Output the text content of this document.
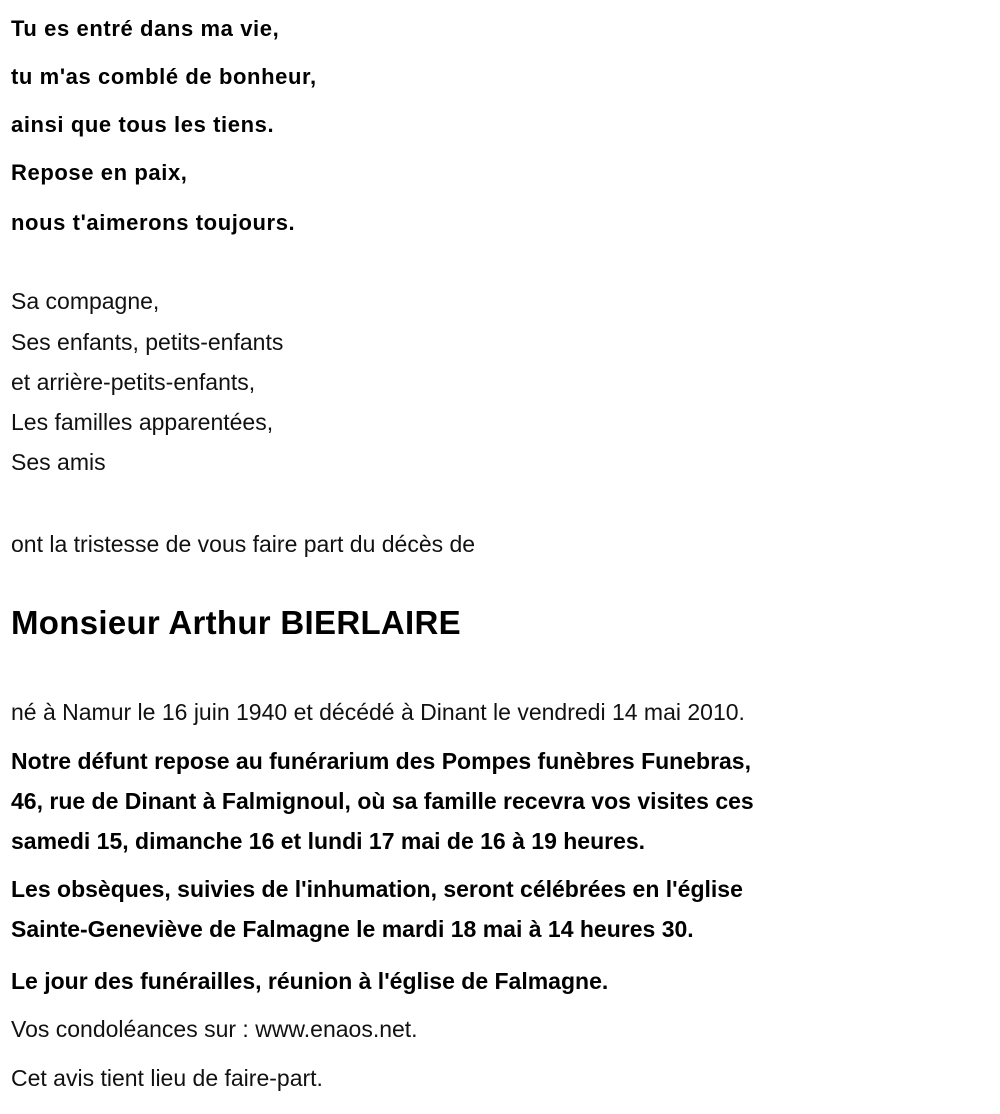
Tu es entré dans ma vie,
tu m'as comblé de bonheur,
ainsi que tous les tiens.
Repose en paix,
nous t'aimerons toujours.
Sa compagne,
Ses enfants, petits-enfants
et arrière-petits-enfants,
Les familles apparentées,
Ses amis
ont la tristesse de vous faire part du décès de
Monsieur Arthur BIERLAIRE
né à Namur le 16 juin 1940 et décédé à Dinant le vendredi 14 mai 2010.
Notre défunt repose au funérarium des Pompes funèbres Funebras,
46, rue de Dinant à Falmignoul, où sa famille recevra vos visites ces
samedi 15, dimanche 16 et lundi 17 mai de 16 à 19 heures.
Les obsèques, suivies de l'inhumation, seront célébrées en l'église
Sainte-Geneviève de Falmagne le mardi 18 mai à 14 heures 30.
Le jour des funérailles, réunion à l'église de Falmagne.
Vos condoléances sur : www.enaos.net.
Cet avis tient lieu de faire-part.
